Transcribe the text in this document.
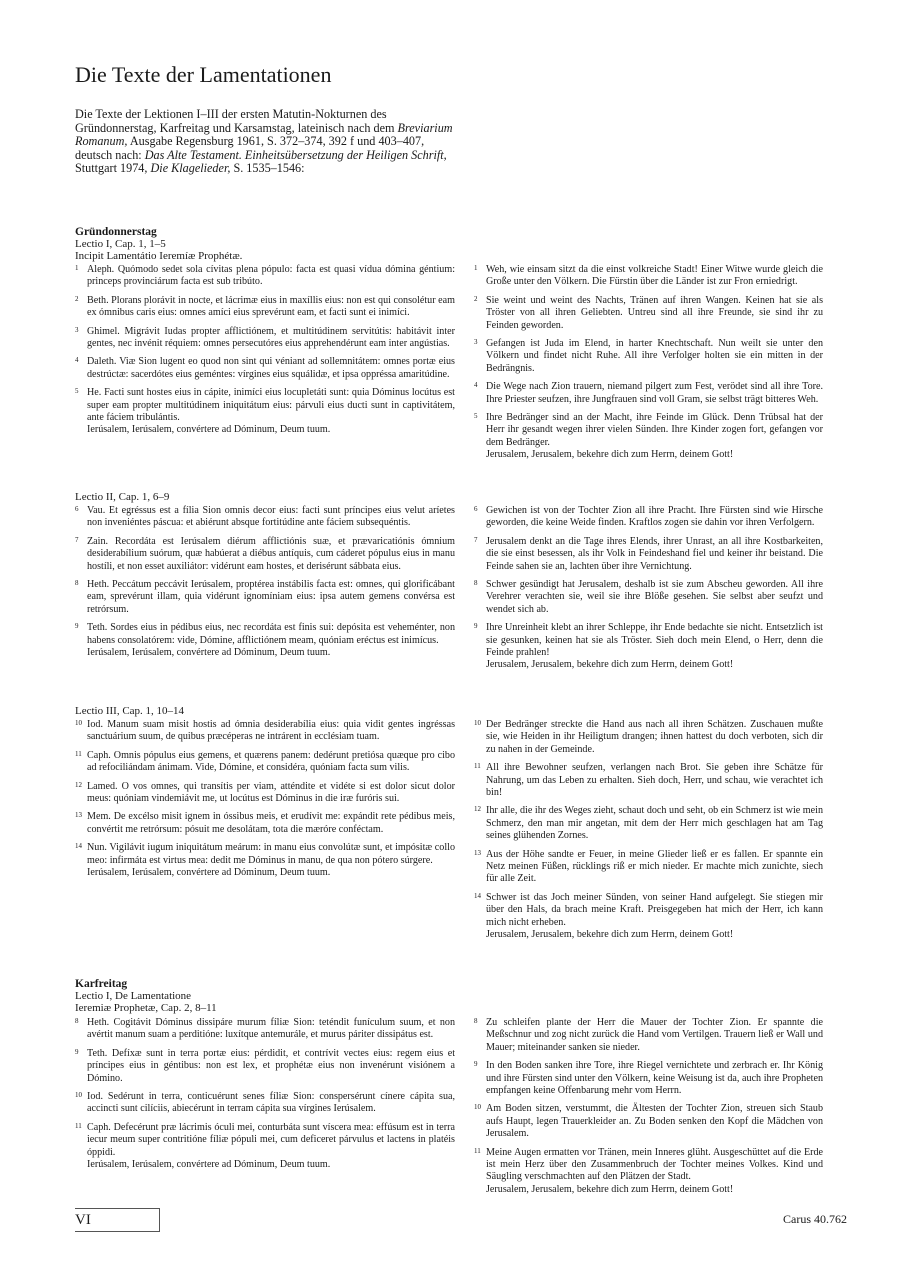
Die Texte der Lamentationen
Die Texte der Lektionen I–III der ersten Matutin-Nokturnen des Gründonnerstag, Karfreitag und Karsamstag, lateinisch nach dem Breviarium Romanum, Ausgabe Regensburg 1961, S. 372–374, 392 f und 403–407, deutsch nach: Das Alte Testament. Einheitsübersetzung der Heiligen Schrift, Stuttgart 1974, Die Klagelieder, S. 1535–1546:
Gründonnerstag
Lectio I, Cap. 1, 1–5
Incipit Lamentátio Ieremíæ Prophétæ.
1 Aleph. Quómodo sedet sola cívitas plena pópulo: facta est quasi vídua dómina géntium: princeps provinciárum facta est sub tribúto.
2 Beth. Plorans plorávit in nocte, et lácrimæ eius in maxíllis eius: non est qui consolétur eam ex ómnibus caris eius: omnes amíci eius sprevérunt eam, et facti sunt ei inimíci.
3 Ghimel. Migrávit Iudas propter afflictiónem, et multitúdinem servitútis: habitávit inter gentes, nec invénit réquiem: omnes persecutóres eius apprehendérunt eam inter angústias.
4 Daleth. Viæ Sion lugent eo quod non sint qui véniant ad sollemnitátem: omnes portæ eius destrúctæ: sacerdótes eius geméntes: vírgines eius squálidæ, et ipsa oppréssa amaritúdine.
5 He. Facti sunt hostes eius in cápite, inimíci eius locupletáti sunt: quia Dóminus locútus est super eam propter multitúdinem iniquitátum eius: párvuli eius ducti sunt in captivitátem, ante fáciem tribulántis.
Ierúsalem, Ierúsalem, convértere ad Dóminum, Deum tuum.
1 Weh, wie einsam sitzt da die einst volkreiche Stadt! Einer Witwe wurde gleich die Große unter den Völkern. Die Fürstin über die Länder ist zur Fron erniedrigt.
2 Sie weint und weint des Nachts, Tränen auf ihren Wangen. Keinen hat sie als Tröster von all ihren Geliebten. Untreu sind all ihre Freunde, sie sind ihr zu Feinden geworden.
3 Gefangen ist Juda im Elend, in harter Knechtschaft. Nun weilt sie unter den Völkern und findet nicht Ruhe. All ihre Verfolger holten sie ein mitten in der Bedrängnis.
4 Die Wege nach Zion trauern, niemand pilgert zum Fest, verödet sind all ihre Tore. Ihre Priester seufzen, ihre Jungfrauen sind voll Gram, sie selbst trägt bitteres Weh.
5 Ihre Bedränger sind an der Macht, ihre Feinde im Glück. Denn Trübsal hat der Herr ihr gesandt wegen ihrer vielen Sünden. Ihre Kinder zogen fort, gefangen vor dem Bedränger.
Jerusalem, Jerusalem, bekehre dich zum Herrn, deinem Gott!
Lectio II, Cap. 1, 6–9
6 Vau. Et egréssus est a fília Sion omnis decor eius: facti sunt príncipes eius velut aríetes non inveniéntes páscua: et abiérunt absque fortitúdine ante fáciem subsequéntis.
7 Zain. Recordáta est Ierúsalem diérum afflictiónis suæ, et prævaricatiónis ómnium desiderabílium suórum, quæ habúerat a diébus antíquis, cum cáderet pópulus eius in manu hostíli, et non esset auxiliátor: vidérunt eam hostes, et derisérunt sábbata eius.
8 Heth. Peccátum peccávit Ierúsalem, proptérea instábilis facta est: omnes, qui glorificábant eam, sprevérunt illam, quia vidérunt ignomíniam eius: ipsa autem gemens convérsa est retrórsum.
9 Teth. Sordes eius in pédibus eius, nec recordáta est finis sui: depósita est veheménter, non habens consolatórem: vide, Dómine, afflictiónem meam, quóniam eréctus est inimícus.
Ierúsalem, Ierúsalem, convértere ad Dóminum, Deum tuum.
6 Gewichen ist von der Tochter Zion all ihre Pracht. Ihre Fürsten sind wie Hirsche geworden, die keine Weide finden. Kraftlos zogen sie dahin vor ihren Verfolgern.
7 Jerusalem denkt an die Tage ihres Elends, ihrer Unrast, an all ihre Kostbarkeiten, die sie einst besessen, als ihr Volk in Feindeshand fiel und keiner ihr beistand. Die Feinde sahen sie an, lachten über ihre Vernichtung.
8 Schwer gesündigt hat Jerusalem, deshalb ist sie zum Abscheu geworden. All ihre Verehrer verachten sie, weil sie ihre Blöße gesehen. Sie selbst aber seufzt und wendet sich ab.
9 Ihre Unreinheit klebt an ihrer Schleppe, ihr Ende bedachte sie nicht. Entsetzlich ist sie gesunken, keinen hat sie als Tröster. Sieh doch mein Elend, o Herr, denn die Feinde prahlen!
Jerusalem, Jerusalem, bekehre dich zum Herrn, deinem Gott!
Lectio III, Cap. 1, 10–14
10 Iod. Manum suam misit hostis ad ómnia desiderabília eius: quia vidit gentes ingréssas sanctuárium suum, de quibus præcéperas ne intrárent in ecclésiam tuam.
11 Caph. Omnis pópulus eius gemens, et quærens panem: dedérunt pretiósa quæque pro cibo ad refociliándam ánimam. Vide, Dómine, et considéra, quóniam facta sum vilis.
12 Lamed. O vos omnes, qui transítis per viam, atténdite et vidéte si est dolor sicut dolor meus: quóniam vindemiávit me, ut locútus est Dóminus in die iræ furóris sui.
13 Mem. De excélso misit ignem in óssibus meis, et erudívit me: expándit rete pédibus meis, convértit me retrórsum: pósuit me desolátam, tota die mæróre conféctam.
14 Nun. Vigilávit iugum iniquitátum meárum: in manu eius convolútæ sunt, et impósitæ collo meo: infirmáta est virtus mea: dedit me Dóminus in manu, de qua non pótero súrgere.
Ierúsalem, Ierúsalem, convértere ad Dóminum, Deum tuum.
10 Der Bedränger streckte die Hand aus nach all ihren Schätzen. Zuschauen mußte sie, wie Heiden in ihr Heiligtum drangen; ihnen hattest du doch verboten, sich dir zu nahen in der Gemeinde.
11 All ihre Bewohner seufzen, verlangen nach Brot. Sie geben ihre Schätze für Nahrung, um das Leben zu erhalten. Sieh doch, Herr, und schau, wie verachtet ich bin!
12 Ihr alle, die ihr des Weges zieht, schaut doch und seht, ob ein Schmerz ist wie mein Schmerz, den man mir angetan, mit dem der Herr mich geschlagen hat am Tag seines glühenden Zornes.
13 Aus der Höhe sandte er Feuer, in meine Glieder ließ er es fallen. Er spannte ein Netz meinen Füßen, rücklings riß er mich nieder. Er machte mich zunichte, siech für alle Zeit.
14 Schwer ist das Joch meiner Sünden, von seiner Hand aufgelegt. Sie stiegen mir über den Hals, da brach meine Kraft. Preisgegeben hat mich der Herr, ich kann mich nicht erheben.
Jerusalem, Jerusalem, bekehre dich zum Herrn, deinem Gott!
Karfreitag
Lectio I, De Lamentatione
Ieremiæ Prophetæ, Cap. 2, 8–11
8 Heth. Cogitávit Dóminus dissipáre murum fíliæ Sion: teténdit funículum suum, et non avértit manum suam a perditióne: luxítque antemurále, et murus páriter dissipátus est.
9 Teth. Defíxæ sunt in terra portæ eius: pérdidit, et contrívit vectes eius: regem eius et príncipes eius in géntibus: non est lex, et prophétæ eius non invenérunt visiónem a Dómino.
10 Iod. Sedérunt in terra, conticuérunt senes fíliæ Sion: conspersérunt cínere cápita sua, accincti sunt cilíciis, abiecérunt in terram cápita sua vírgines Ierúsalem.
11 Caph. Defecérunt præ lácrimis óculi mei, conturbáta sunt víscera mea: effúsum est in terra iecur meum super contritióne fíliæ pópuli mei, cum deficeret párvulus et lactens in platéis óppidi.
Ierúsalem, Ierúsalem, convértere ad Dóminum, Deum tuum.
8 Zu schleifen plante der Herr die Mauer der Tochter Zion. Er spannte die Meßschnur und zog nicht zurück die Hand vom Vertilgen. Trauern ließ er Wall und Mauer; miteinander sanken sie nieder.
9 In den Boden sanken ihre Tore, ihre Riegel vernichtete und zerbrach er. Ihr König und ihre Fürsten sind unter den Völkern, keine Weisung ist da, auch ihre Propheten empfangen keine Offenbarung mehr vom Herrn.
10 Am Boden sitzen, verstummt, die Ältesten der Tochter Zion, streuen sich Staub aufs Haupt, legen Trauerkleider an. Zu Boden senken den Kopf die Mädchen von Jerusalem.
11 Meine Augen ermatten vor Tränen, mein Inneres glüht. Ausgeschüttet auf die Erde ist mein Herz über den Zusammenbruch der Tochter meines Volkes. Kind und Säugling verschmachten auf den Plätzen der Stadt.
Jerusalem, Jerusalem, bekehre dich zum Herrn, deinem Gott!
VI	Carus 40.762
